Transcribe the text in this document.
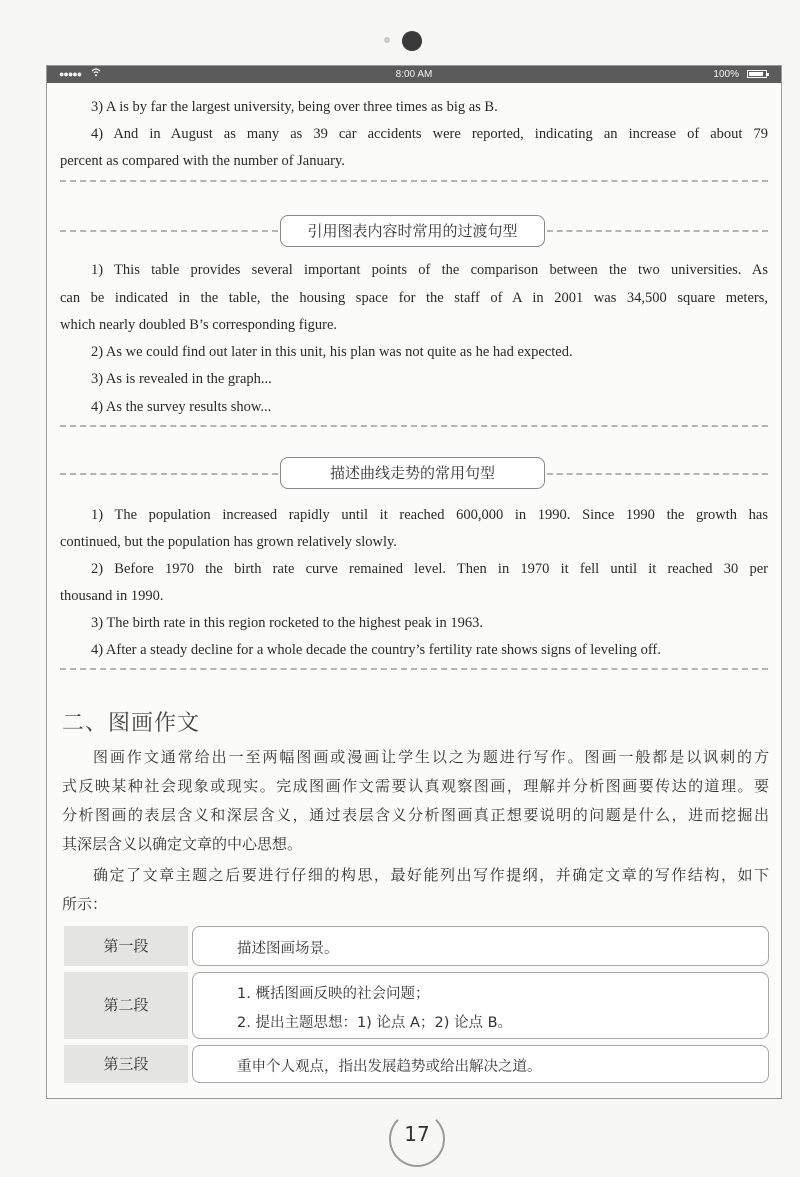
●●●●●	8:00 AM	100%
3) A is by far the largest university, being over three times as big as B.
4) And in August as many as 39 car accidents were reported, indicating an increase of about 79
percent as compared with the number of January.
引用图表内容时常用的过渡句型
1) This table provides several important points of the comparison between the two universities. As
can be indicated in the table, the housing space for the staff of A in 2001 was 34,500 square meters,
which nearly doubled B’s corresponding figure.
2) As we could find out later in this unit, his plan was not quite as he had expected.
3) As is revealed in the graph...
4) As the survey results show...
描述曲线走势的常用句型
1) The population increased rapidly until it reached 600,000 in 1990. Since 1990 the growth has
continued, but the population has grown relatively slowly.
2) Before 1970 the birth rate curve remained level. Then in 1970 it fell until it reached 30 per
thousand in 1990.
3) The birth rate in this region rocketed to the highest peak in 1963.
4) After a steady decline for a whole decade the country’s fertility rate shows signs of leveling off.
二、图画作文
图画作文通常给出一至两幅图画或漫画让学生以之为题进行写作。图画一般都是以讽刺的方
式反映某种社会现象或现实。完成图画作文需要认真观察图画，理解并分析图画要传达的道理。要
分析图画的表层含义和深层含义，通过表层含义分析图画真正想要说明的问题是什么，进而挖掘出
其深层含义以确定文章的中心思想。
确定了文章主题之后要进行仔细的构思，最好能列出写作提纲，并确定文章的写作结构，如下
所示：
第一段	描述图画场景。
第二段
1. 概括图画反映的社会问题；
2. 提出主题思想：1) 论点 A；2) 论点 B。
第三段	重申个人观点，指出发展趋势或给出解决之道。
17
